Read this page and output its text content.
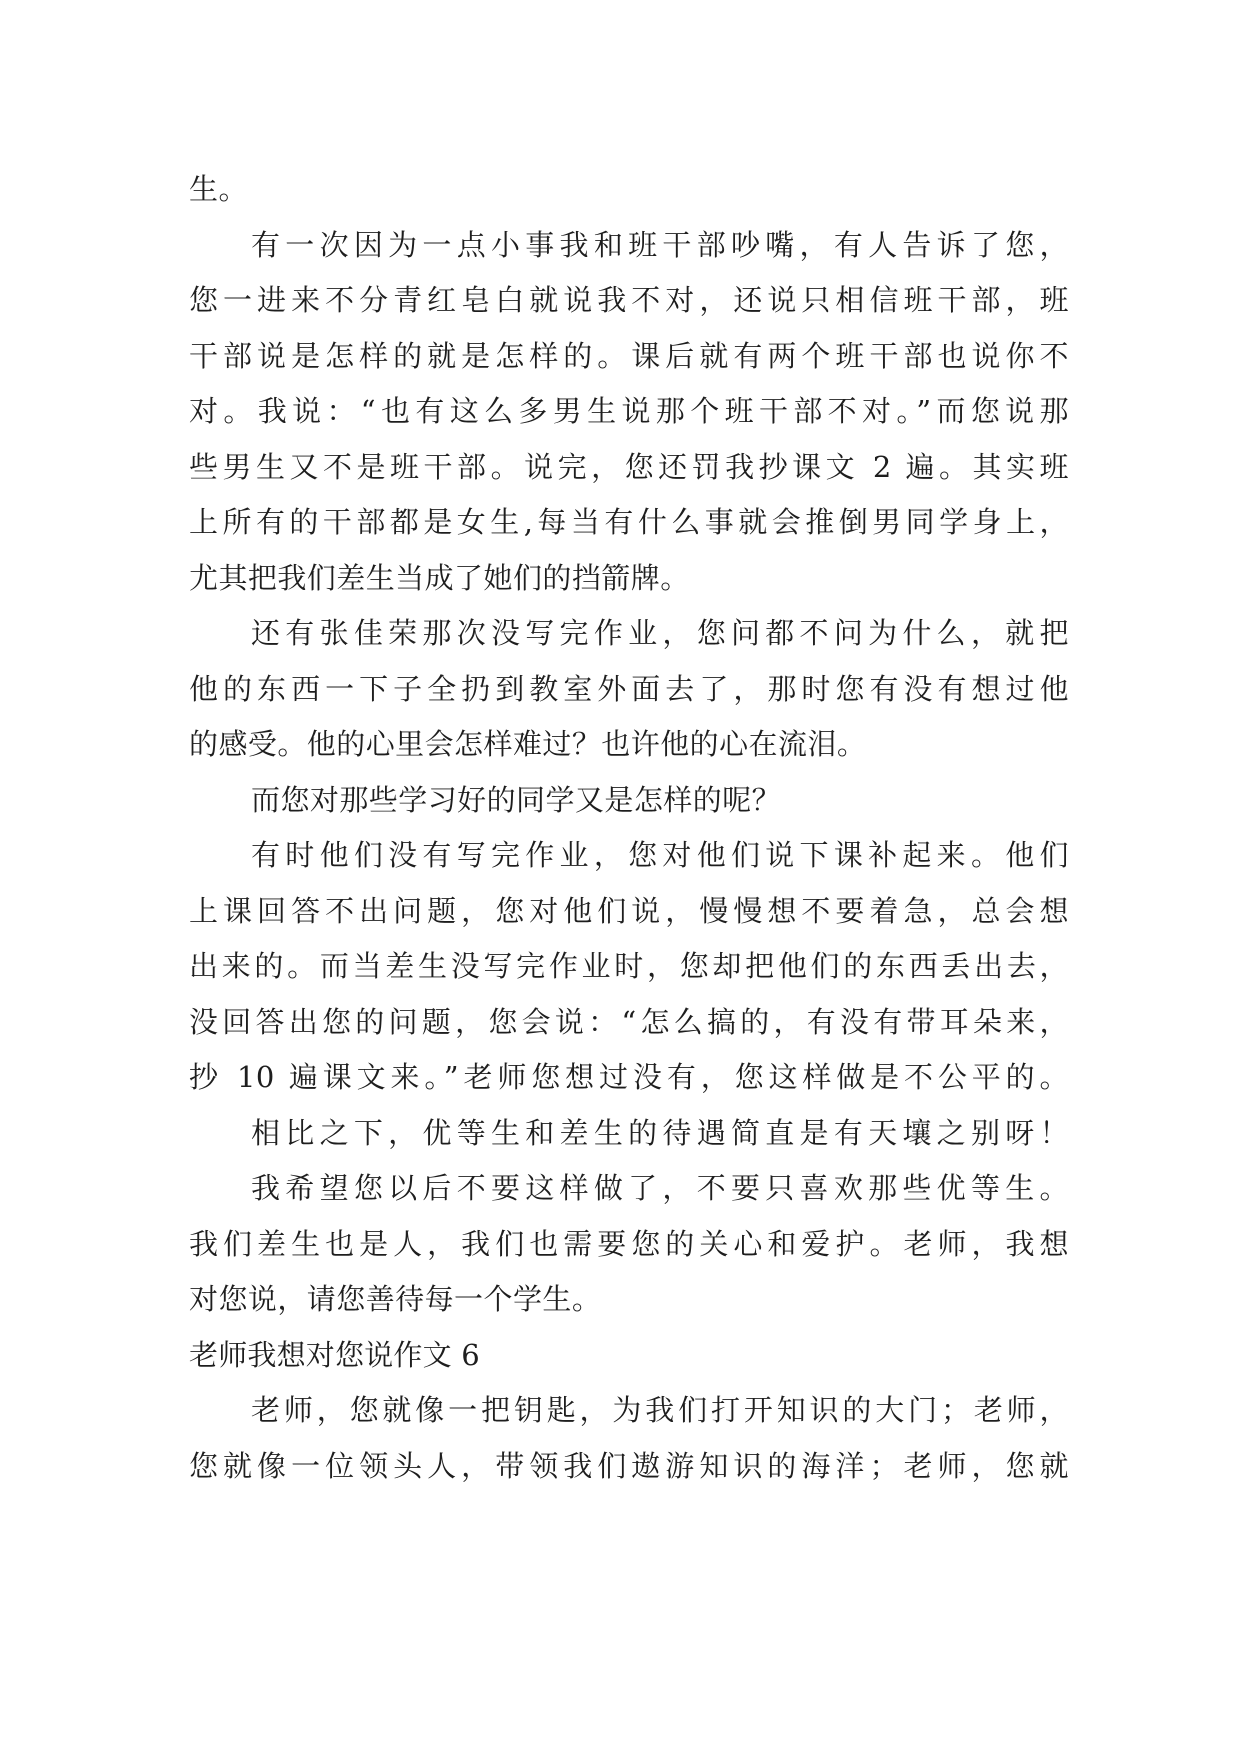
生。
有一次因为一点小事我和班干部吵嘴，有人告诉了您，
您一进来不分青红皂白就说我不对，还说只相信班干部，班
干部说是怎样的就是怎样的。课后就有两个班干部也说你不
对。我说：“也有这么多男生说那个班干部不对。”而您说那
些男生又不是班干部。说完，您还罚我抄课文 2 遍。其实班
上所有的干部都是女生,每当有什么事就会推倒男同学身上，
尤其把我们差生当成了她们的挡箭牌。
还有张佳荣那次没写完作业，您问都不问为什么，就把
他的东西一下子全扔到教室外面去了，那时您有没有想过他
的感受。他的心里会怎样难过？也许他的心在流泪。
而您对那些学习好的同学又是怎样的呢？
有时他们没有写完作业，您对他们说下课补起来。他们
上课回答不出问题，您对他们说，慢慢想不要着急，总会想
出来的。而当差生没写完作业时，您却把他们的东西丢出去，
没回答出您的问题，您会说：“怎么搞的，有没有带耳朵来，
抄 10 遍课文来。”老师您想过没有，您这样做是不公平的。
相比之下，优等生和差生的待遇简直是有天壤之别呀！
我希望您以后不要这样做了，不要只喜欢那些优等生。
我们差生也是人，我们也需要您的关心和爱护。老师，我想
对您说，请您善待每一个学生。
老师我想对您说作文 6
老师，您就像一把钥匙，为我们打开知识的大门；老师，
您就像一位领头人，带领我们遨游知识的海洋；老师，您就
